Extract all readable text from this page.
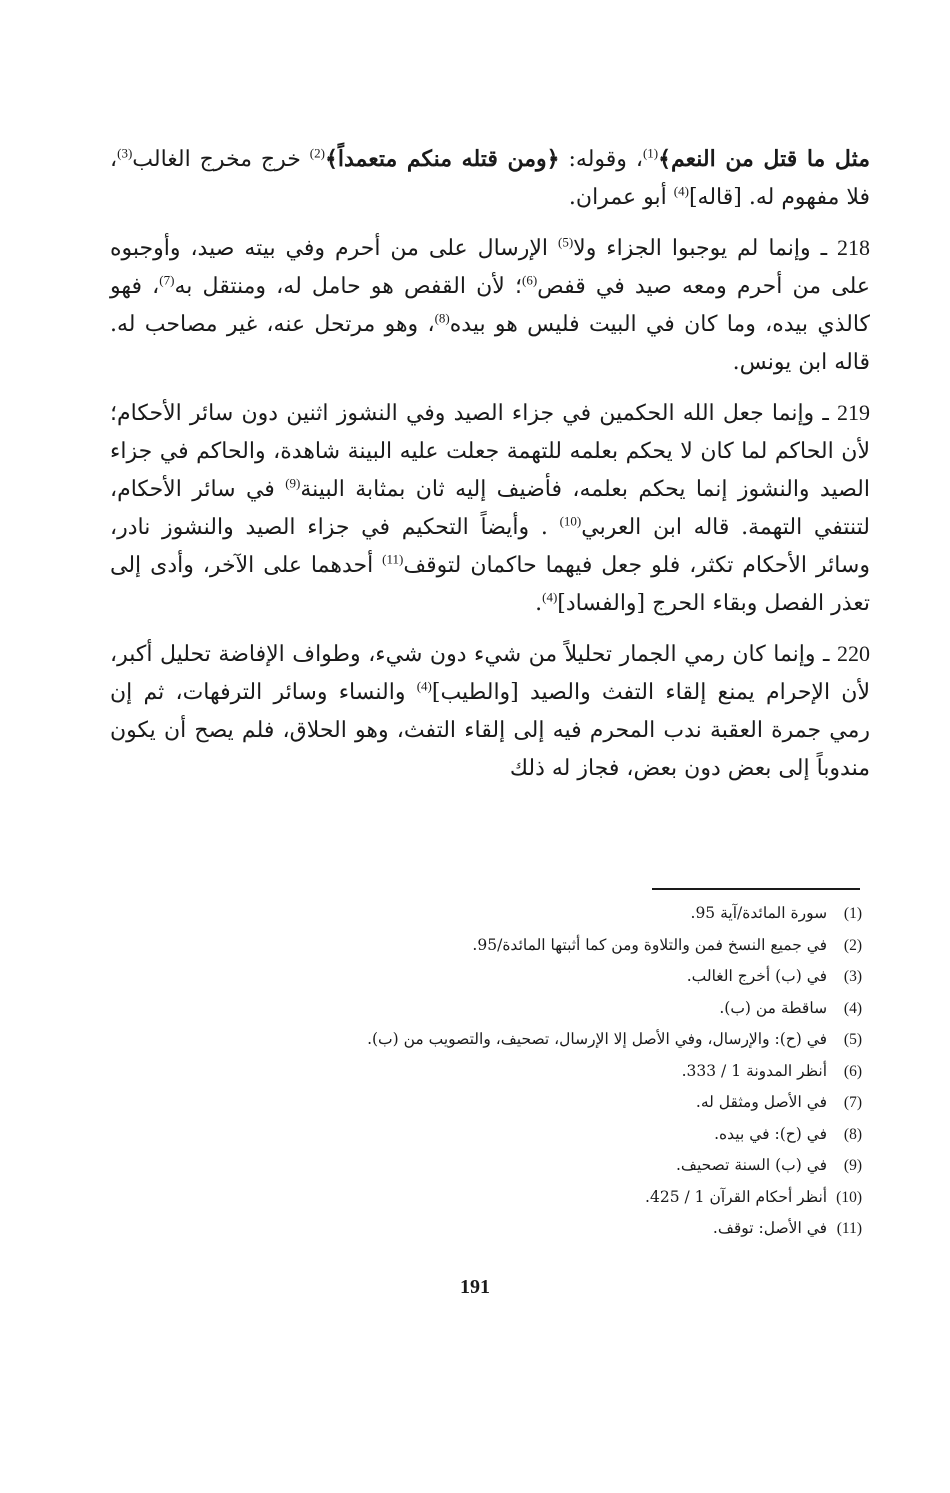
مثل ما قتل من النعم﴾$^{(1)}$، وقوله: ﴿ومن قتله منكم متعمداً﴾$^{(2)}$ خرج مخرج الغالب$^{(3)}$، فلا مفهوم له. [قاله]$^{(4)}$ أبو عمران.

218 ـ وإنما لم يوجبوا الجزاء ولا$^{(5)}$ الإرسال على من أحرم وفي بيته صيد، وأوجبوه على من أحرم ومعه صيد في قفص$^{(6)}$؛ لأن القفص هو حامل له، ومنتقل به$^{(7)}$، فهو كالذي بيده، وما كان في البيت فليس هو بيده$^{(8)}$، وهو مرتحل عنه، غير مصاحب له. قاله ابن يونس.

219 ـ وإنما جعل الله الحكمين في جزاء الصيد وفي النشوز اثنين دون سائر الأحكام؛ لأن الحاكم لما كان لا يحكم بعلمه للتهمة جعلت عليه البينة شاهدة، والحاكم في جزاء الصيد والنشوز إنما يحكم بعلمه، فأضيف إليه ثان بمثابة البينة$^{(9)}$ في سائر الأحكام، لتنتفي التهمة. قاله ابن العربي$^{(10)}$ . وأيضاً التحكيم في جزاء الصيد والنشوز نادر، وسائر الأحكام تكثر، فلو جعل فيهما حاكمان لتوقف$^{(11)}$ أحدهما على الآخر، وأدى إلى تعذر الفصل وبقاء الحرج [والفساد]$^{(4)}$.

220 ـ وإنما كان رمي الجمار تحليلاً من شيء دون شيء، وطواف الإفاضة تحليل أكبر، لأن الإحرام يمنع إلقاء التفث والصيد [والطيب]$^{(4)}$ والنساء وسائر الترفهات، ثم إن رمي جمرة العقبة ندب المحرم فيه إلى إلقاء التفث، وهو الحلاق، فلم يصح أن يكون مندوباً إلى بعض دون بعض، فجاز له ذلك

(1) سورة المائدة/آية 95.
(2) في جميع النسخ فمن والتلاوة ومن كما أثبتها المائدة/95.
(3) في (ب) أخرج الغالب.
(4) ساقطة من (ب).
(5) في (ح): والإرسال، وفي الأصل إلا الإرسال، تصحيف، والتصويب من (ب).
(6) أنظر المدونة 1 / 333.
(7) في الأصل ومثقل له.
(8) في (ح): في بيده.
(9) في (ب) السنة تصحيف.
(10) أنظر أحكام القرآن 1 / 425.
(11) في الأصل: توقف.
191
